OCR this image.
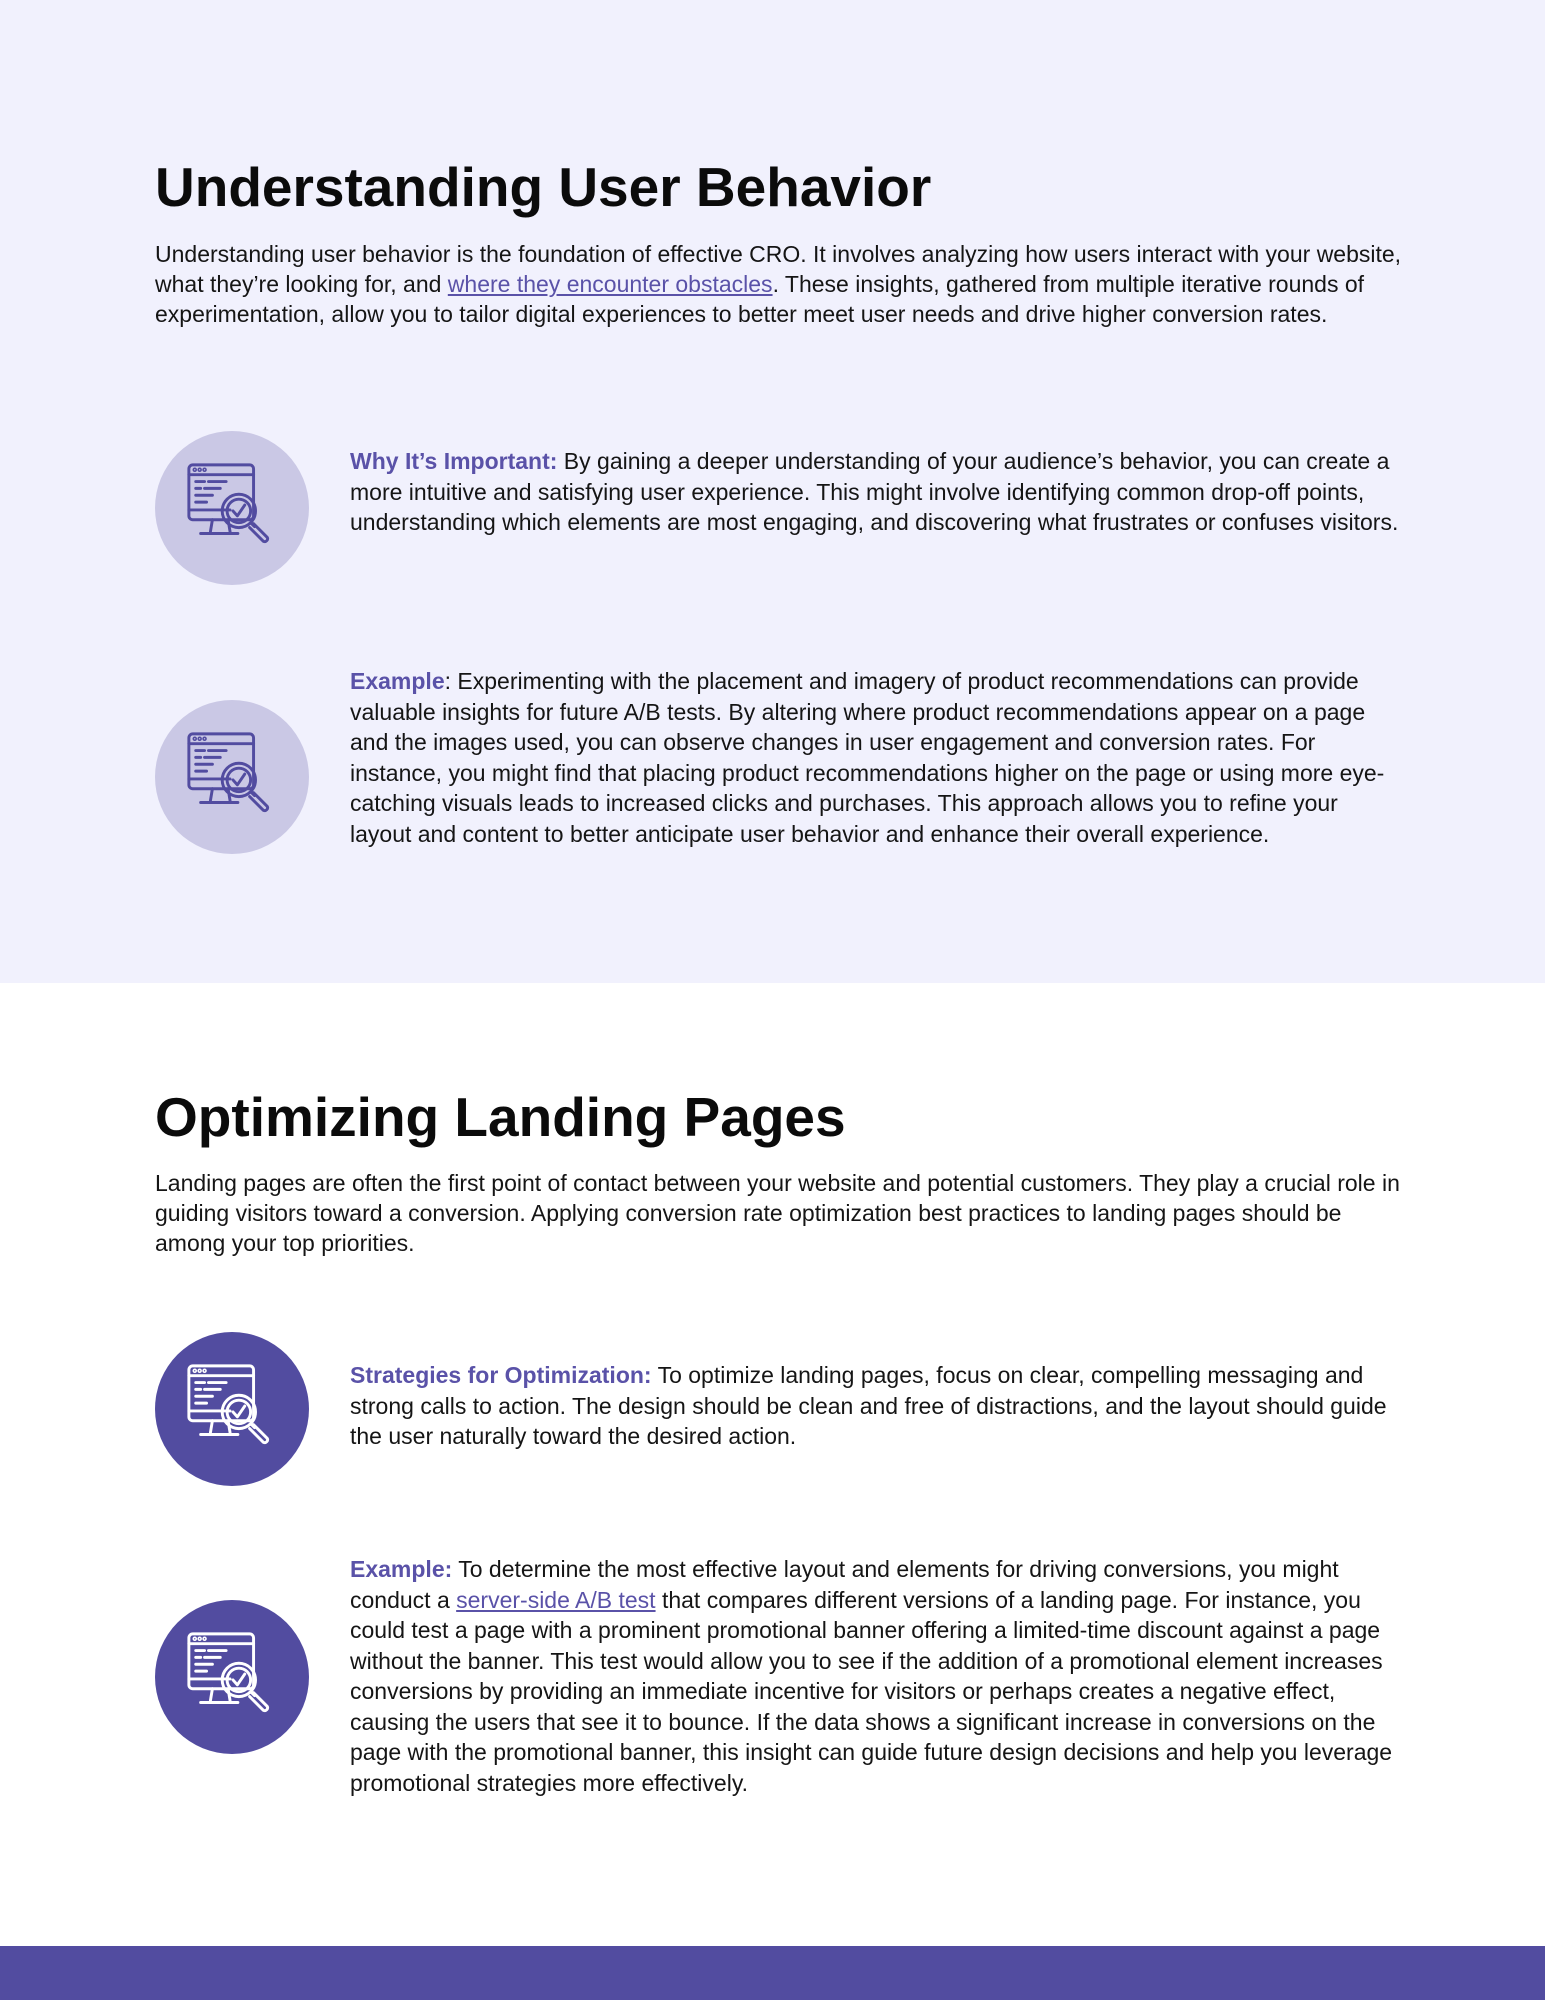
Understanding User Behavior

Understanding user behavior is the foundation of effective CRO. It involves analyzing how users interact with your website, what they’re looking for, and where they encounter obstacles. These insights, gathered from multiple iterative rounds of experimentation, allow you to tailor digital experiences to better meet user needs and drive higher conversion rates.

Why It’s Important: By gaining a deeper understanding of your audience’s behavior, you can create a more intuitive and satisfying user experience. This might involve identifying common drop-off points, understanding which elements are most engaging, and discovering what frustrates or confuses visitors.

Example: Experimenting with the placement and imagery of product recommendations can provide valuable insights for future A/B tests. By altering where product recommendations appear on a page and the images used, you can observe changes in user engagement and conversion rates. For instance, you might find that placing product recommendations higher on the page or using more eye-catching visuals leads to increased clicks and purchases. This approach allows you to refine your layout and content to better anticipate user behavior and enhance their overall experience.

Optimizing Landing Pages

Landing pages are often the first point of contact between your website and potential customers. They play a crucial role in guiding visitors toward a conversion. Applying conversion rate optimization best practices to landing pages should be among your top priorities.

Strategies for Optimization: To optimize landing pages, focus on clear, compelling messaging and strong calls to action. The design should be clean and free of distractions, and the layout should guide the user naturally toward the desired action.

Example: To determine the most effective layout and elements for driving conversions, you might conduct a server-side A/B test that compares different versions of a landing page. For instance, you could test a page with a prominent promotional banner offering a limited-time discount against a page without the banner. This test would allow you to see if the addition of a promotional element increases conversions by providing an immediate incentive for visitors or perhaps creates a negative effect, causing the users that see it to bounce. If the data shows a significant increase in conversions on the page with the promotional banner, this insight can guide future design decisions and help you leverage promotional strategies more effectively.
